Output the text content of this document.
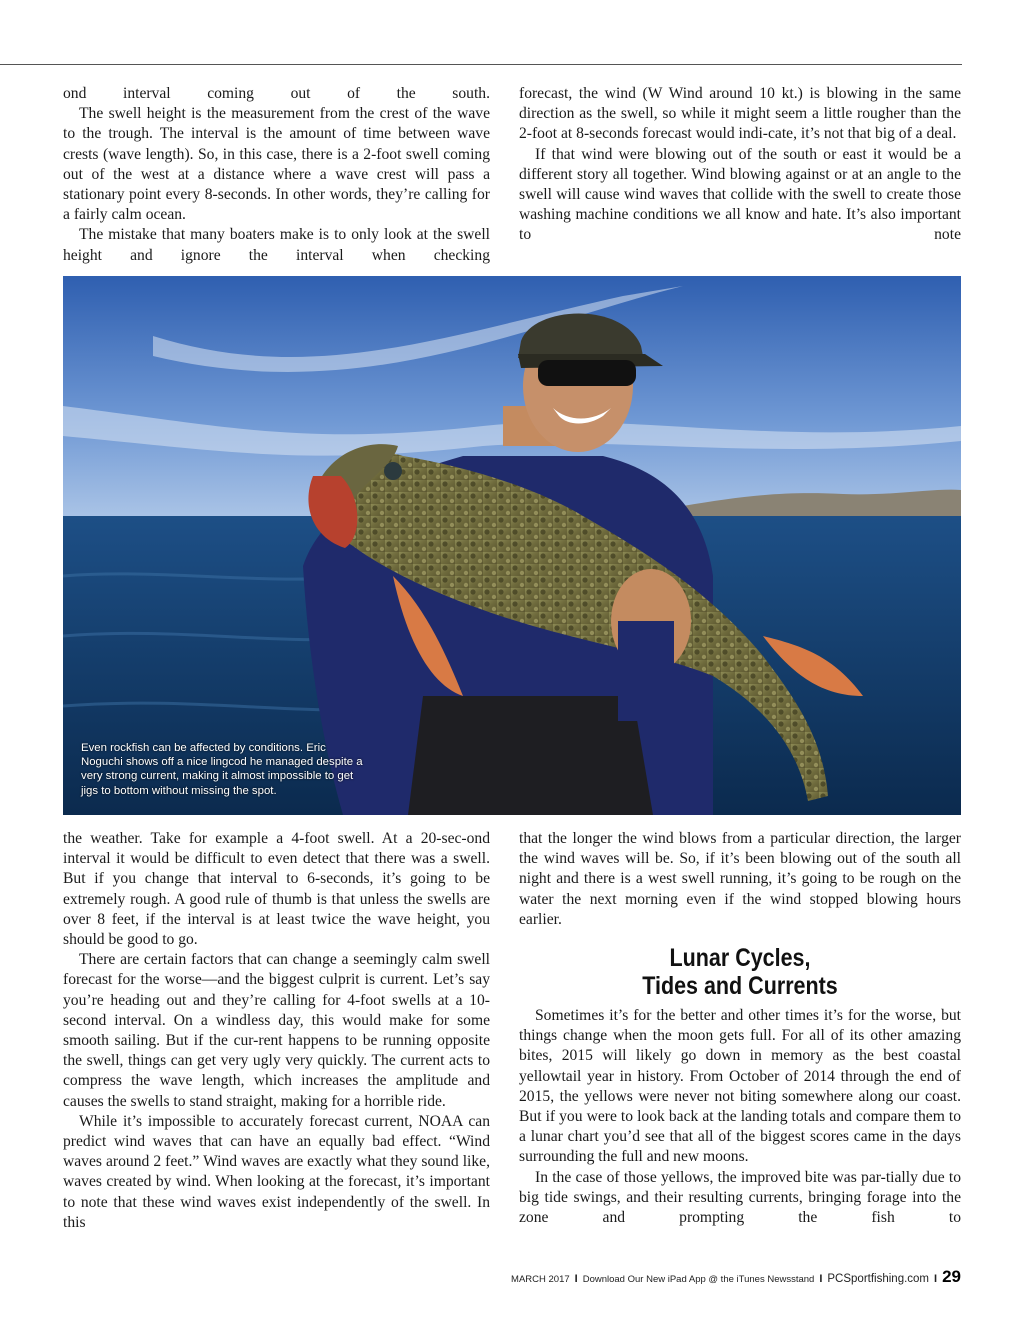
ond interval coming out of the south.

The swell height is the measurement from the crest of the wave to the trough. The interval is the amount of time between wave crests (wave length). So, in this case, there is a 2-foot swell coming out of the west at a distance where a wave crest will pass a stationary point every 8-seconds. In other words, they’re calling for a fairly calm ocean.

The mistake that many boaters make is to only look at the swell height and ignore the interval when checking

forecast, the wind (W Wind around 10 kt.) is blowing in the same direction as the swell, so while it might seem a little rougher than the 2-foot at 8-seconds forecast would indi-cate, it’s not that big of a deal.

If that wind were blowing out of the south or east it would be a different story all together. Wind blowing against or at an angle to the swell will cause wind waves that collide with the swell to create those washing machine conditions we all know and hate. It’s also important to note

Even rockfish can be affected by conditions. Eric Noguchi shows off a nice lingcod he managed despite a very strong current, making it almost impossible to get jigs to bottom without missing the spot.

the weather. Take for example a 4-foot swell. At a 20-sec-ond interval it would be difficult to even detect that there was a swell. But if you change that interval to 6-seconds, it’s going to be extremely rough. A good rule of thumb is that unless the swells are over 8 feet, if the interval is at least twice the wave height, you should be good to go.

There are certain factors that can change a seemingly calm swell forecast for the worse—and the biggest culprit is current. Let’s say you’re heading out and they’re calling for 4-foot swells at a 10-second interval. On a windless day, this would make for some smooth sailing. But if the cur-rent happens to be running opposite the swell, things can get very ugly very quickly. The current acts to compress the wave length, which increases the amplitude and causes the swells to stand straight, making for a horrible ride.

While it’s impossible to accurately forecast current, NOAA can predict wind waves that can have an equally bad effect. “Wind waves around 2 feet.” Wind waves are exactly what they sound like, waves created by wind. When looking at the forecast, it’s important to note that these wind waves exist independently of the swell. In this

that the longer the wind blows from a particular direction, the larger the wind waves will be. So, if it’s been blowing out of the south all night and there is a west swell running, it’s going to be rough on the water the next morning even if the wind stopped blowing hours earlier.

Lunar Cycles,
Tides and Currents

Sometimes it’s for the better and other times it’s for the worse, but things change when the moon gets full. For all of its other amazing bites, 2015 will likely go down in memory as the best coastal yellowtail year in history. From October of 2014 through the end of 2015, the yellows were never not biting somewhere along our coast. But if you were to look back at the landing totals and compare them to a lunar chart you’d see that all of the biggest scores came in the days surrounding the full and new moons.

In the case of those yellows, the improved bite was par-tially due to big tide swings, and their resulting currents, bringing forage into the zone and prompting the fish to

MARCH 2017 I Download Our New iPad App @ the iTunes Newsstand I PCSportfishing.com I 29
